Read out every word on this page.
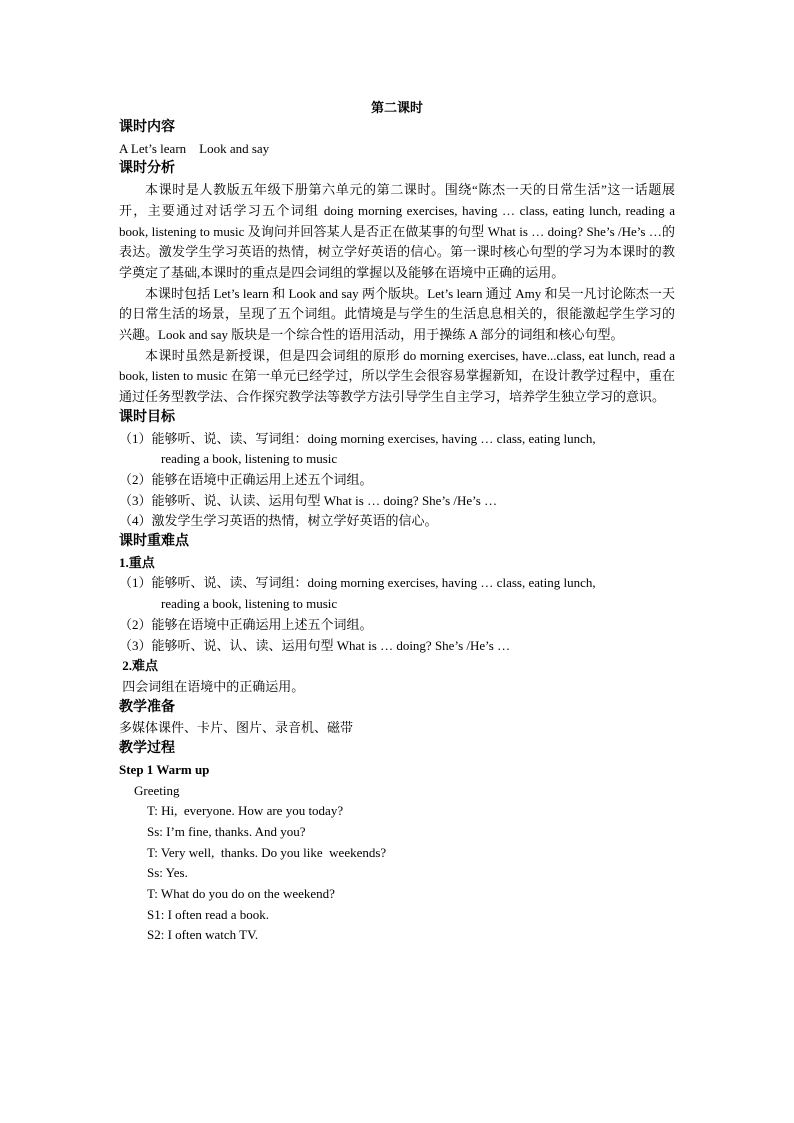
第二课时
课时内容
A Let’s learn    Look and say
课时分析
本课时是人教版五年级下册第六单元的第二课时。围绕“陈杰一天的日常生活”这一话题展开，主要通过对话学习五个词组 doing morning exercises, having … class, eating lunch, reading a book, listening to music 及询问并回答某人是否正在做某事的句型 What is … doing? She’s /He’s …的表达。激发学生学习英语的热情，树立学好英语的信心。第一课时核心句型的学习为本课时的教学奠定了基础,本课时的重点是四会词组的掌握以及能够在语境中正确的运用。
本课时包括 Let’s learn 和 Look and say 两个版块。Let’s learn 通过 Amy 和吴一凡讨论陈杰一天的日常生活的场景，呈现了五个词组。此情境是与学生的生活息息相关的，很能激起学生学习的兴趣。Look and say 版块是一个综合性的语用活动，用于操练 A 部分的词组和核心句型。
本课时虽然是新授课，但是四会词组的原形 do morning exercises, have...class, eat lunch, read a book, listen to music 在第一单元已经学过，所以学生会很容易掌握新知，在设计教学过程中，重在通过任务型教学法、合作探究教学法等教学方法引导学生自主学习，培养学生独立学习的意识。
课时目标
（1）能够听、说、读、写词组：doing morning exercises, having … class, eating lunch,
reading a book, listening to music
（2）能够在语境中正确运用上述五个词组。
（3）能够听、说、认读、运用句型 What is … doing? She’s /He’s …
（4）激发学生学习英语的热情，树立学好英语的信心。
课时重难点
1.重点
（1）能够听、说、读、写词组：doing morning exercises, having … class, eating lunch,
reading a book, listening to music
（2）能够在语境中正确运用上述五个词组。
（3）能够听、说、认、读、运用句型 What is … doing? She’s /He’s …
2.难点
四会词组在语境中的正确运用。
教学准备
多媒体课件、卡片、图片、录音机、磁带
教学过程
Step 1 Warm up
Greeting
T: Hi,  everyone. How are you today?
Ss: I’m fine, thanks. And you?
T: Very well,  thanks. Do you like  weekends?
Ss: Yes.
T: What do you do on the weekend?
S1: I often read a book.
S2: I often watch TV.
